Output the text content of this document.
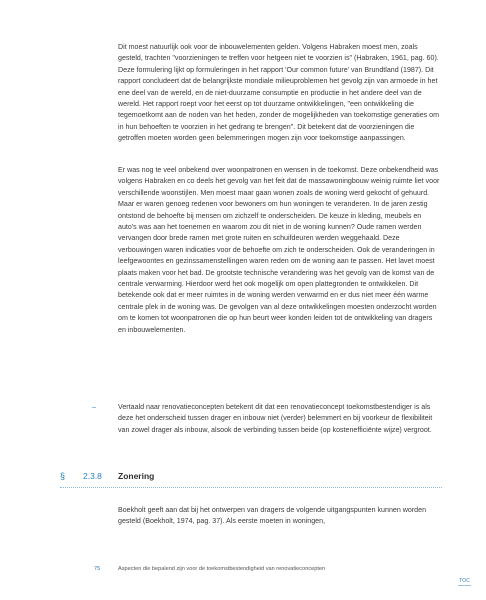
Dit moest natuurlijk ook voor de inbouwelementen gelden. Volgens Habraken moest men, zoals gesteld, trachten "voorzieningen te treffen voor hetgeen niet te voorzien is" (Habraken, 1961, pag. 60). Deze formulering lijkt op formuleringen in het rapport 'Our common future' van Brundtland (1987). Dit rapport concludeert dat de belangrijkste mondiale milieuproblemen het gevolg zijn van armoede in het ene deel van de wereld, en de niet-duurzame consumptie en productie in het andere deel van de wereld. Het rapport roept voor het eerst op tot duurzame ontwikkelingen, "een ontwikkeling die tegemoetkomt aan de noden van het heden, zonder de mogelijkheden van toekomstige generaties om in hun behoeften te voorzien in het gedrang te brengen". Dit betekent dat de voorzieningen die getroffen moeten worden geen belemmeringen mogen zijn voor toekomstige aanpassingen.

Er was nog te veel onbekend over woonpatronen en wensen in de toekomst. Deze onbekendheid was volgens Habraken en co deels het gevolg van het feit dat de massawoningbouw weinig ruimte liet voor verschillende woonstijlen. Men moest maar gaan wonen zoals de woning werd gekocht of gehuurd. Maar er waren genoeg redenen voor bewoners om hun woningen te veranderen. In de jaren zestig ontstond de behoefte bij mensen om zichzelf te onderscheiden. De keuze in kleding, meubels en auto's was aan het toenemen en waarom zou dit niet in de woning kunnen? Oude ramen werden vervangen door brede ramen met grote ruiten en schuifdeuren werden weggehaald. Deze verbouwingen waren indicaties voor de behoefte om zich te onderscheiden. Ook de veranderingen in leefgewoontes en gezinssamenstellingen waren reden om de woning aan te passen. Het lavet moest plaats maken voor het bad. De grootste technische verandering was het gevolg van de komst van de centrale verwarming. Hierdoor werd het ook mogelijk om open plattegronden te ontwikkelen. Dit betekende ook dat er meer ruimtes in de woning werden verwarmd en er dus niet meer één warme centrale plek in de woning was. De gevolgen van al deze ontwikkelingen moesten onderzocht worden om te komen tot woonpatronen die op hun beurt weer konden leiden tot de ontwikkeling van dragers en inbouwelementen.

–	Vertaald naar renovatieconcepten betekent dit dat een renovatieconcept toekomstbestendiger is als deze het onderscheid tussen drager en inbouw niet (verder) belemmert en bij voorkeur de flexibiliteit van zowel drager als inbouw, alsook de verbinding tussen beide (op kostenefficiënte wijze) vergroot.

§ 2.3.8 Zonering

Boekholt geeft aan dat bij het ontwerpen van dragers de volgende uitgangspunten kunnen worden gesteld (Boekholt, 1974, pag. 37). Als eerste moeten in woningen,

75	Aspecten die bepalend zijn voor de toekomstbestendigheid van renovatieconcepten
TOC
